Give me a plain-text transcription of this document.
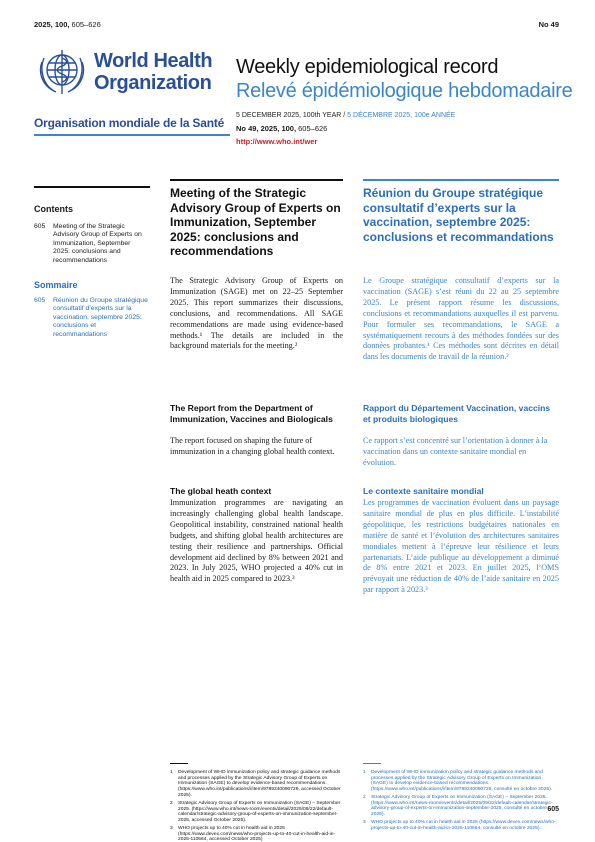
2025, 100, 605–626	No 49
World Health
Organization
Organisation mondiale de la Santé
Weekly epidemiological record
Relevé épidémiologique hebdomadaire
5 DECEMBER 2025, 100th YEAR / 5 DÉCEMBRE 2025, 100e ANNÉE
No 49, 2025, 100, 605–626
http://www.who.int/wer
Contents
605 Meeting of the Strategic Advisory Group of Experts on Immunization, September 2025: conclusions and recommendations
Sommaire
605 Réunion du Groupe stratégique consultatif d’experts sur la vaccination, septembre 2025: conclusions et recommandations
Meeting of the Strategic Advisory Group of Experts on Immunization, September 2025: conclusions and recommendations

The Strategic Advisory Group of Experts on Immunization (SAGE) met on 22–25 September 2025. This report summarizes their discussions, conclusions, and recommendations. All SAGE recommendations are made using evidence-based methods.¹ The details are included in the background materials for the meeting.²

The Report from the Department of Immunization, Vaccines and Biologicals

The report focused on shaping the future of immunization in a changing global health context.

The global heath context

Immunization programmes are navigating an increasingly challenging global health landscape. Geopolitical instability, constrained national health budgets, and shifting global health architectures are testing their resilience and partnerships. Official development aid declined by 8% between 2021 and 2023. In July 2025, WHO projected a 40% cut in health aid in 2025 compared to 2023.³

Réunion du Groupe stratégique consultatif d’experts sur la vaccination, septembre 2025: conclusions et recommandations

Le Groupe stratégique consultatif d’experts sur la vaccination (SAGE) s’est réuni du 22 au 25 septembre 2025. Le présent rapport résume les discussions, conclusions et recommandations auxquelles il est parvenu. Pour formuler ses recommandations, le SAGE a systématiquement recours à des méthodes fondées sur des données probantes.¹ Ces méthodes sont décrites en détail dans les documents de travail de la réunion.²

Rapport du Département Vaccination, vaccins et produits biologiques

Ce rapport s’est concentré sur l’orientation à donner à la vaccination dans un contexte sanitaire mondial en évolution.

Le contexte sanitaire mondial

Les programmes de vaccination évoluent dans un paysage sanitaire mondial de plus en plus difficile. L’instabilité géopolitique, les restrictions budgétaires nationales en matière de santé et l’évolution des architectures sanitaires mondiales mettent à l’épreuve leur résilience et leurs partenariats. L’aide publique au développement a diminué de 8% entre 2021 et 2023. En juillet 2025, l’OMS prévoyait une réduction de 40% de l’aide sanitaire en 2025 par rapport à 2023.³

605
1 Development of WHO immunization policy and strategic guidance methods and processes applied by the Strategic Advisory Group of Experts on Immunization (SAGE) to develop evidence-based recommendations. (https://www.who.int/publications/i/item/9789240090729, accessed October 2025).
2 Strategic Advisory Group of Experts on Immunization (SAGE) – September 2025. (https://www.who.int/news-room/events/detail/2025/09/22/default-calendar/strategic-advisory-group-of-experts-on-immunization-september-2025, accessed October 2025).
3 WHO projects up to 40% cut in health aid in 2025 (https://www.devex.com/news/who-projects-up-to-40-cut-in-health-aid-in-2025-110564, accessed October 2025)
1 Development of WHO immunization policy and strategic guidance methods and processes applied by the Strategic Advisory Group of Experts on Immunization (SAGE) to develop evidence-based recommendations. (https://www.who.int/publications/i/item/9789240090729, consulté en octobre 2025).
2 Strategic Advisory Group of Experts on Immunization (SAGE) – September 2025. (https://www.who.int/news-room/events/detail/2025/09/22/default-calendar/strategic-advisory-group-of-experts-on-immunization-september-2025, consulté en octobre 2025).
3 WHO projects up to 40% cut in health aid in 2025 (https://www.devex.com/news/who-projects-up-to-40-cut-in-health-aid-in-2025-110564, consulté en octobre 2025).
